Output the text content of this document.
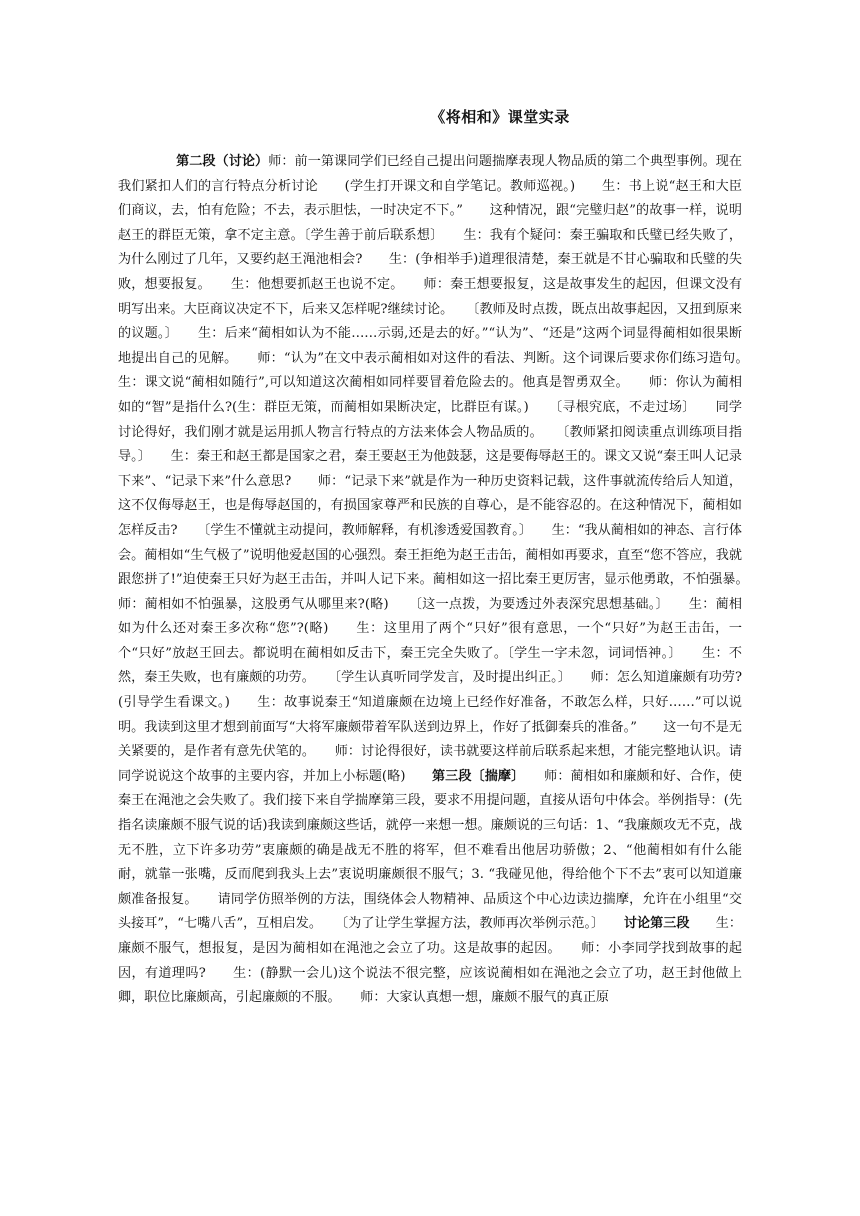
《将相和》课堂实录

第二段（讨论）师：前一第课同学们已经自己提出问题揣摩表现人物品质的第二个典型事例。现在我们紧扣人们的言行特点分析讨论　　(学生打开课文和自学笔记。教师巡视。)　　生：书上说“赵王和大臣们商议，去，怕有危险；不去，表示胆怯，一时决定不下。”　　这种情况，跟“完璧归赵”的故事一样，说明赵王的群臣无策，拿不定主意。〔学生善于前后联系想〕　　生：我有个疑问：秦王骗取和氏璧已经失败了，为什么刚过了几年，又要约赵王渑池相会?　　生：(争相举手)道理很清楚，秦王就是不甘心骗取和氏璧的失败，想要报复。　　生：他想要抓赵王也说不定。　　师：秦王想要报复，这是故事发生的起因，但课文没有明写出来。大臣商议决定不下，后来又怎样呢?继续讨论。　　〔教师及时点拨，既点出故事起因，又扭到原来的议题。〕　　生：后来“蔺相如认为不能……示弱,还是去的好。”“认为”、“还是”这两个词显得蔺相如很果断地提出自己的见解。　　师：“认为”在文中表示蔺相如对这件的看法、判断。这个词课后要求你们练习造句。　　生：课文说“蔺相如随行”,可以知道这次蔺相如同样要冒着危险去的。他真是智勇双全。　　师：你认为蔺相如的“智”是指什么?(生：群臣无策，而蔺相如果断决定，比群臣有谋。)　　〔寻根究底，不走过场〕　　同学讨论得好，我们刚才就是运用抓人物言行特点的方法来体会人物品质的。　　〔教师紧扣阅读重点训练项目指导。〕　　生：秦王和赵王都是国家之君，秦王要赵王为他鼓瑟，这是要侮辱赵王的。课文又说“秦王叫人记录下来”、“记录下来”什么意思?　　师：“记录下来”就是作为一种历史资料记载，这件事就流传给后人知道，这不仅侮辱赵王，也是侮辱赵国的，有损国家尊严和民族的自尊心，是不能容忍的。在这种情况下，蔺相如怎样反击?　　〔学生不懂就主动提问，教师解释，有机渗透爱国教育。〕　　生：“我从蔺相如的神态、言行体会。蔺相如“生气极了”说明他爱赵国的心强烈。秦王拒绝为赵王击缶，蔺相如再要求，直至“您不答应，我就跟您拼了!”迫使秦王只好为赵王击缶，并叫人记下来。蔺相如这一招比秦王更厉害，显示他勇敢，不怕强暴。　　师：蔺相如不怕强暴，这股勇气从哪里来?(略)　　〔这一点拨，为要透过外表深究思想基础。〕　　生：蔺相如为什么还对秦王多次称“您”?(略)　　生：这里用了两个“只好”很有意思，一个“只好”为赵王击缶，一个“只好”放赵王回去。都说明在蔺相如反击下，秦王完全失败了。〔学生一字未忽，词词悟神。〕　　生：不然，秦王失败，也有廉颇的功劳。　　〔学生认真听同学发言，及时提出纠正。〕　　师：怎么知道廉颇有功劳?(引导学生看课文。)　　生：故事说秦王“知道廉颇在边境上已经作好准备，不敢怎么样，只好……”可以说明。我读到这里才想到前面写“大将军廉颇带着军队送到边界上，作好了抵御秦兵的准备。”　　这一句不是无关紧要的，是作者有意先伏笔的。　　师：讨论得很好，读书就要这样前后联系起来想，才能完整地认识。请同学说说这个故事的主要内容，并加上小标题(略)　　第三段〔揣摩〕　　师：蔺相如和廉颇和好、合作，使秦王在渑池之会失败了。我们接下来自学揣摩第三段，要求不用提问题，直接从语句中体会。举例指导：(先指名读廉颇不服气说的话)我读到廉颇这些话，就停一来想一想。廉颇说的三句话：1、“我廉颇攻无不克，战无不胜，立下许多功劳”衷廉颇的确是战无不胜的将军，但不难看出他居功骄傲；2、“他蔺相如有什么能耐，就靠一张嘴，反而爬到我头上去”衷说明廉颇很不服气；3. “我碰见他，得给他个下不去”衷可以知道廉颇准备报复。　　请同学仿照举例的方法，围绕体会人物精神、品质这个中心边读边揣摩，允许在小组里“交头接耳”，“七嘴八舌”，互相启发。　　〔为了让学生掌握方法，教师再次举例示范。〕　　讨论第三段　　生：廉颇不服气，想报复，是因为蔺相如在渑池之会立了功。这是故事的起因。　　师：小李同学找到故事的起因，有道理吗?　　生：(静默一会儿)这个说法不很完整，应该说蔺相如在渑池之会立了功，赵王封他做上卿，职位比廉颇高，引起廉颇的不服。　　师：大家认真想一想，廉颇不服气的真正原
